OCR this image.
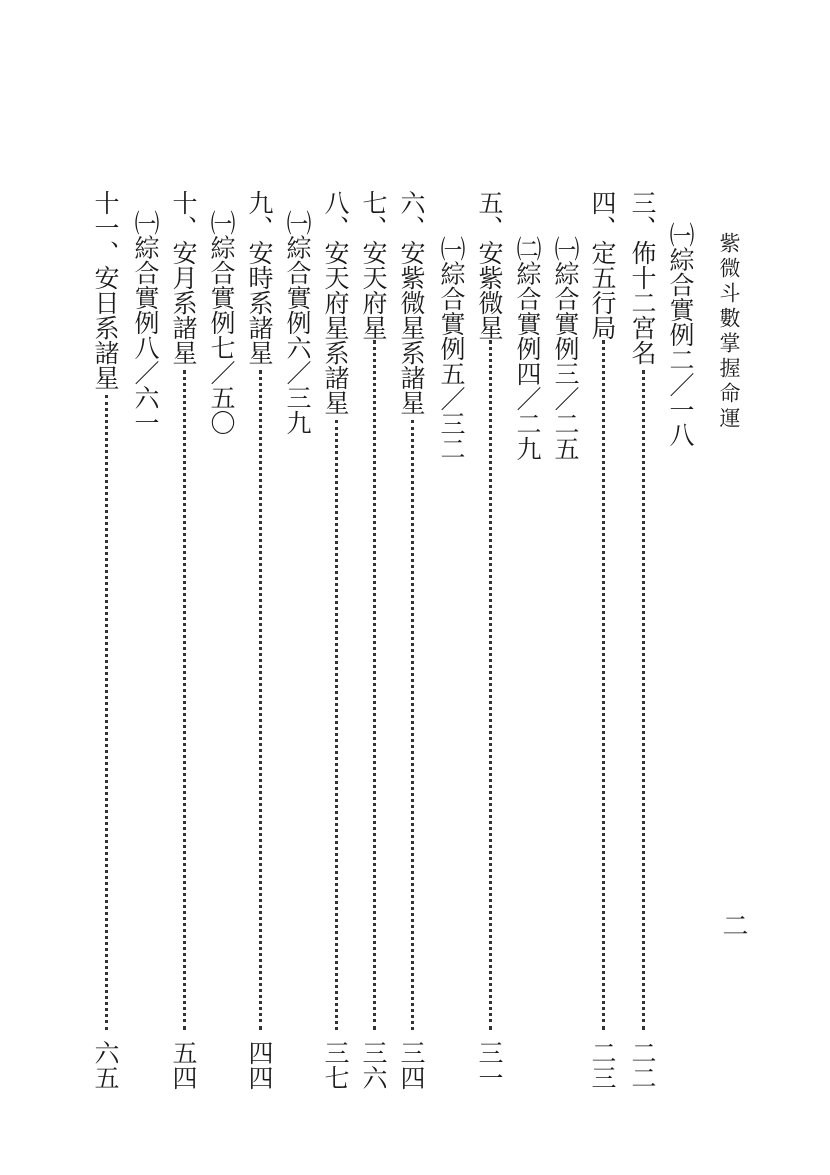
紫微斗數掌握命運
㈠綜合實例二／一八
三、佈十二宮名
二二
四、定五行局
二三
㈠綜合實例三／二五
㈡綜合實例四／二九
五、安紫微星
三一
㈠綜合實例五／三二
六、安紫微星系諸星
三四
七、安天府星
三六
八、安天府星系諸星
三七
㈠綜合實例六／三九
九、安時系諸星
四四
㈠綜合實例七／五〇
十、安月系諸星
五四
㈠綜合實例八／六一
十一、安日系諸星
六五
二
